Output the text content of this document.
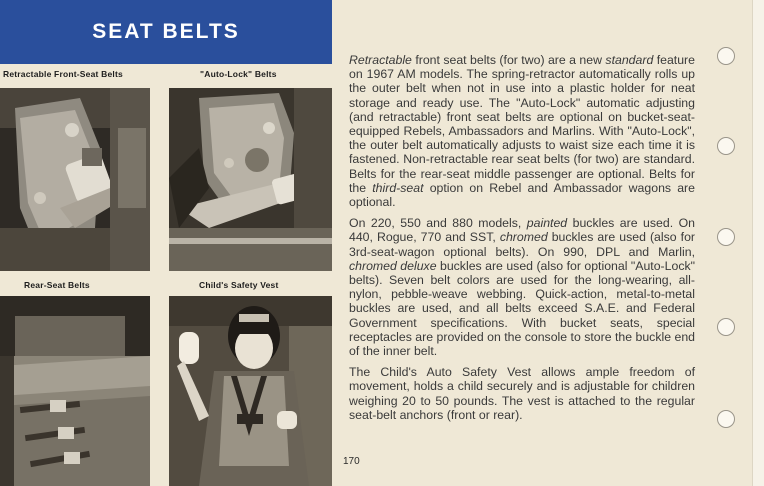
SEAT BELTS
Retractable Front-Seat Belts	"Auto-Lock" Belts
Rear-Seat Belts	Child's Safety Vest

Retractable front seat belts (for two) are a new standard feature on 1967 AM models. The spring-retractor automatically rolls up the outer belt when not in use into a plastic holder for neat storage and ready use. The "Auto-Lock" automatic adjusting (and retractable) front seat belts are optional on bucket-seat-equipped Rebels, Ambassadors and Marlins. With "Auto-Lock", the outer belt automatically adjusts to waist size each time it is fastened. Non-retractable rear seat belts (for two) are standard. Belts for the rear-seat middle passenger are optional. Belts for the third-seat option on Rebel and Ambassador wagons are optional.

On 220, 550 and 880 models, painted buckles are used. On 440, Rogue, 770 and SST, chromed buckles are used (also for 3rd-seat-wagon optional belts). On 990, DPL and Marlin, chromed deluxe buckles are used (also for optional "Auto-Lock" belts). Seven belt colors are used for the long-wearing, all-nylon, pebble-weave webbing. Quick-action, metal-to-metal buckles are used, and all belts exceed S.A.E. and Federal Government specifications. With bucket seats, special receptacles are provided on the console to store the buckle end of the inner belt.

The Child's Auto Safety Vest allows ample freedom of movement, holds a child securely and is adjustable for children weighing 20 to 50 pounds. The vest is attached to the regular seat-belt anchors (front or rear).

170
